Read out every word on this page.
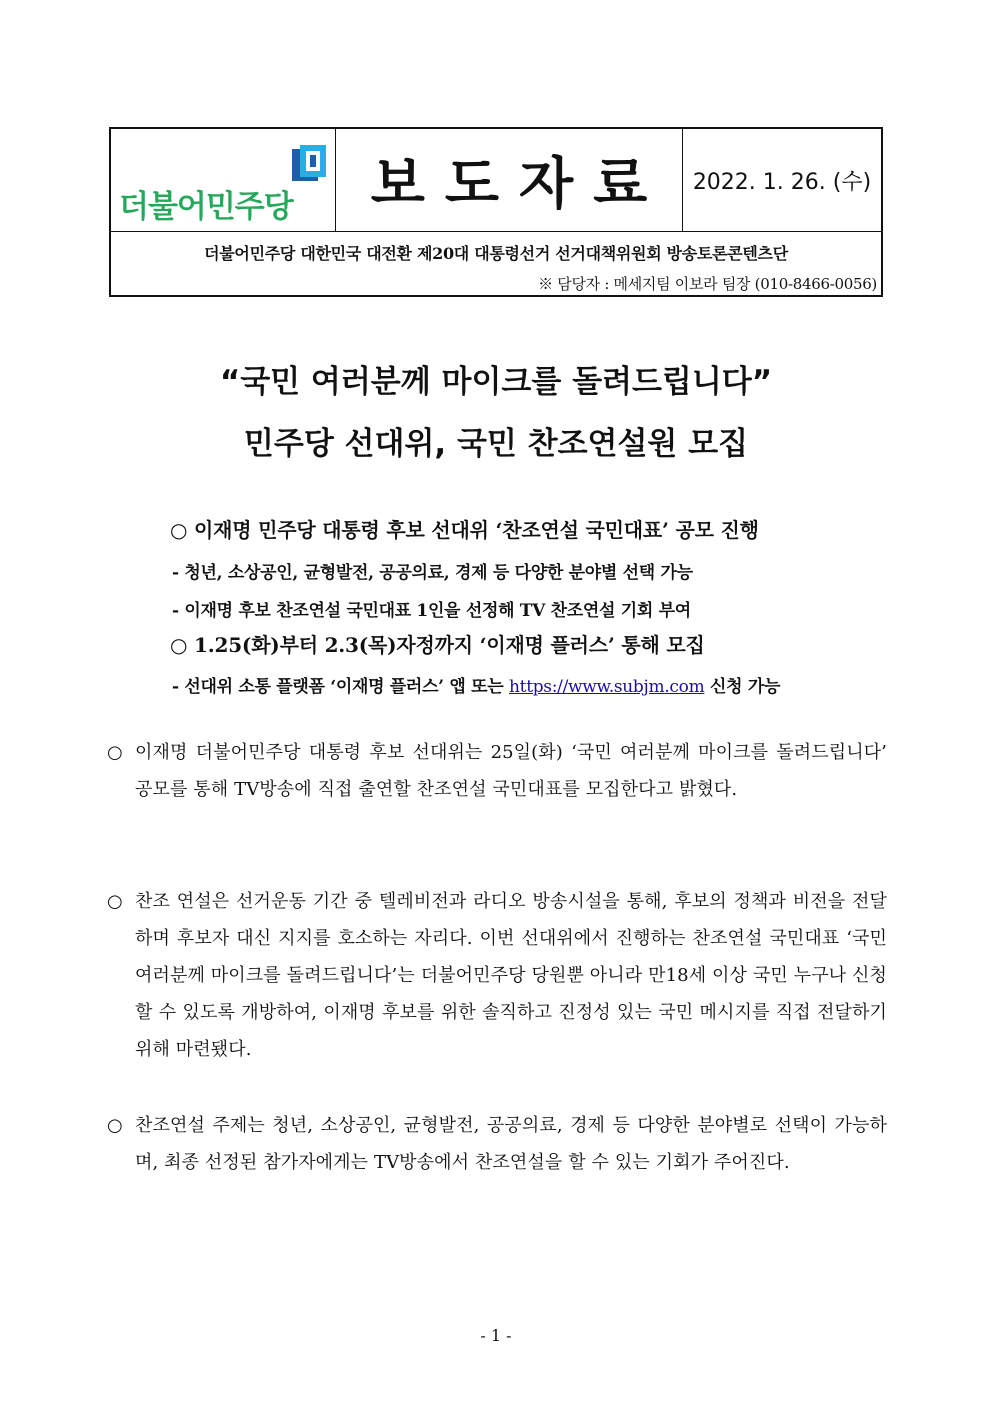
더불어민주당 보도자료 2022. 1. 26. (수)
더불어민주당 대한민국 대전환 제20대 대통령선거 선거대책위원회 방송토론콘텐츠단
※ 담당자 : 메세지팀 이보라 팀장 (010-8466-0056)
“국민 여러분께 마이크를 돌려드립니다”
민주당 선대위, 국민 찬조연설원 모집
○ 이재명 민주당 대통령 후보 선대위 ‘찬조연설 국민대표’ 공모 진행
- 청년, 소상공인, 균형발전, 공공의료, 경제 등 다양한 분야별 선택 가능
- 이재명 후보 찬조연설 국민대표 1인을 선정해 TV 찬조연설 기회 부여
○ 1.25(화)부터 2.3(목)자정까지 ‘이재명 플러스’ 통해 모집
- 선대위 소통 플랫폼 ‘이재명 플러스’ 앱 또는 https://www.subjm.com 신청 가능
○ 이재명 더불어민주당 대통령 후보 선대위는 25일(화) ‘국민 여러분께 마이크를 돌려드립니다’ 공모를 통해 TV방송에 직접 출연할 찬조연설 국민대표를 모집한다고 밝혔다.
○ 찬조 연설은 선거운동 기간 중 텔레비전과 라디오 방송시설을 통해, 후보의 정책과 비전을 전달하며 후보자 대신 지지를 호소하는 자리다. 이번 선대위에서 진행하는 찬조연설 국민대표 ‘국민 여러분께 마이크를 돌려드립니다’는 더불어민주당 당원뿐 아니라 만18세 이상 국민 누구나 신청할 수 있도록 개방하여, 이재명 후보를 위한 솔직하고 진정성 있는 국민 메시지를 직접 전달하기 위해 마련됐다.
○ 찬조연설 주제는 청년, 소상공인, 균형발전, 공공의료, 경제 등 다양한 분야별로 선택이 가능하며, 최종 선정된 참가자에게는 TV방송에서 찬조연설을 할 수 있는 기회가 주어진다.
- 1 -
